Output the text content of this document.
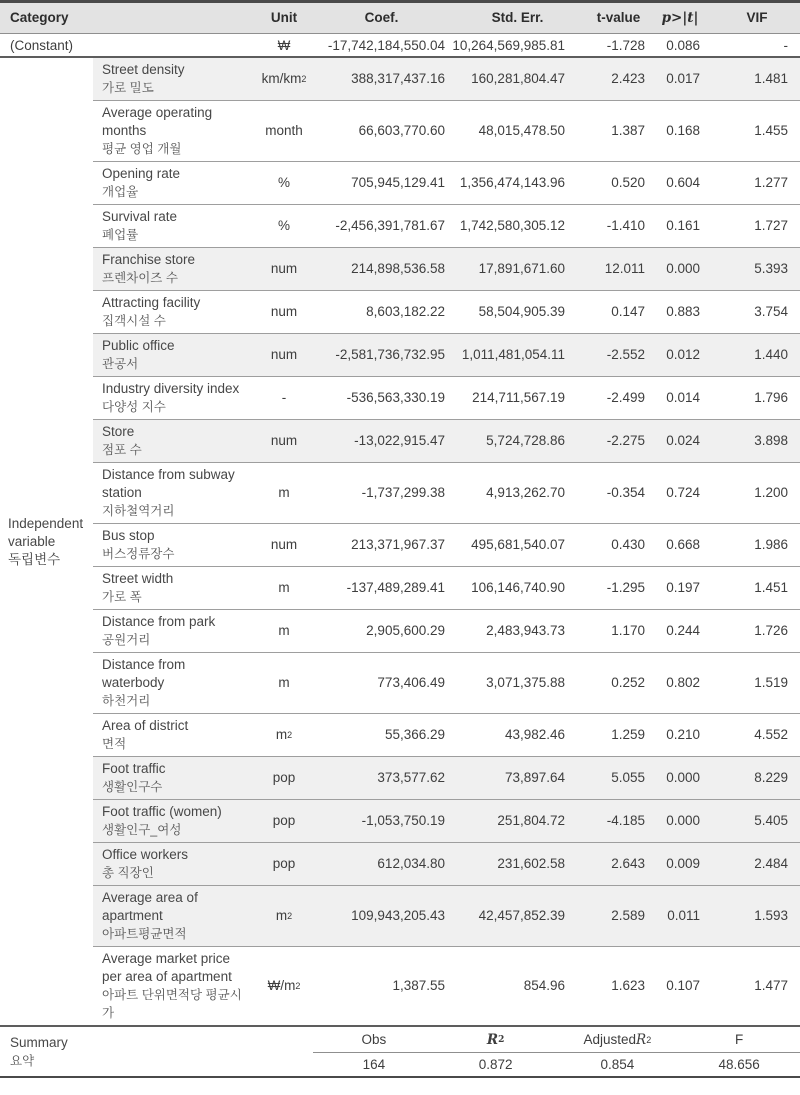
Category	Unit	Coef.	Std. Err.	t-value	p >| t |	VIF
(Constant)	₩	-17,742,184,550.04 10,264,569,985.81	-1.728	0.086	-
Independent variable
독립변수
Street density
가로 밀도
km/km 2	388,317,437.16	160,281,804.47	2.423	0.017	1.481
Average operating months
평균 영업 개월
month	66,603,770.60	48,015,478.50	1.387	0.168	1.455
Opening rate
개업율
%	705,945,129.41	1,356,474,143.96	0.520	0.604	1.277
Survival rate
폐업률
%	-2,456,391,781.67	1,742,580,305.12	-1.410	0.161	1.727
Franchise store
프렌차이즈 수
num	214,898,536.58	17,891,671.60	12.011	0.000	5.393
Attracting facility
집객시설 수
num	8,603,182.22	58,504,905.39	0.147	0.883	3.754
Public office
관공서
num	-2,581,736,732.95	1,011,481,054.11	-2.552	0.012	1.440
Industry diversity index
다양성 지수
-	-536,563,330.19	214,711,567.19	-2.499	0.014	1.796
Store
점포 수
num	-13,022,915.47	5,724,728.86	-2.275	0.024	3.898
Distance from subway station
지하철역거리
m	-1,737,299.38	4,913,262.70	-0.354	0.724	1.200
Bus stop
버스정류장수
num	213,371,967.37	495,681,540.07	0.430	0.668	1.986
Street width
가로 폭
m	-137,489,289.41	106,146,740.90	-1.295	0.197	1.451
Distance from park
공원거리
m	2,905,600.29	2,483,943.73	1.170	0.244	1.726
Distance from waterbody
하천거리
m	773,406.49	3,071,375.88	0.252	0.802	1.519
Area of district
면적
m 2	55,366.29	43,982.46	1.259	0.210	4.552
Foot traffic
생활인구수
pop	373,577.62	73,897.64	5.055	0.000	8.229
Foot traffic (women)
생활인구_여성
pop	-1,053,750.19	251,804.72	-4.185	0.000	5.405
Office workers
총 직장인
pop	612,034.80	231,602.58	2.643	0.009	2.484
Average area of apartment
아파트평균면적
m 2	109,943,205.43	42,457,852.39	2.589	0.011	1.593
Average market price per area of apartment
아파트 단위면적당 평균시가
₩/m 2	1,387.55	854.96	1.623	0.107	1.477
Summary
요약
Obs	R 2	Adjusted R 2	F
164	0.872	0.854	48.656
